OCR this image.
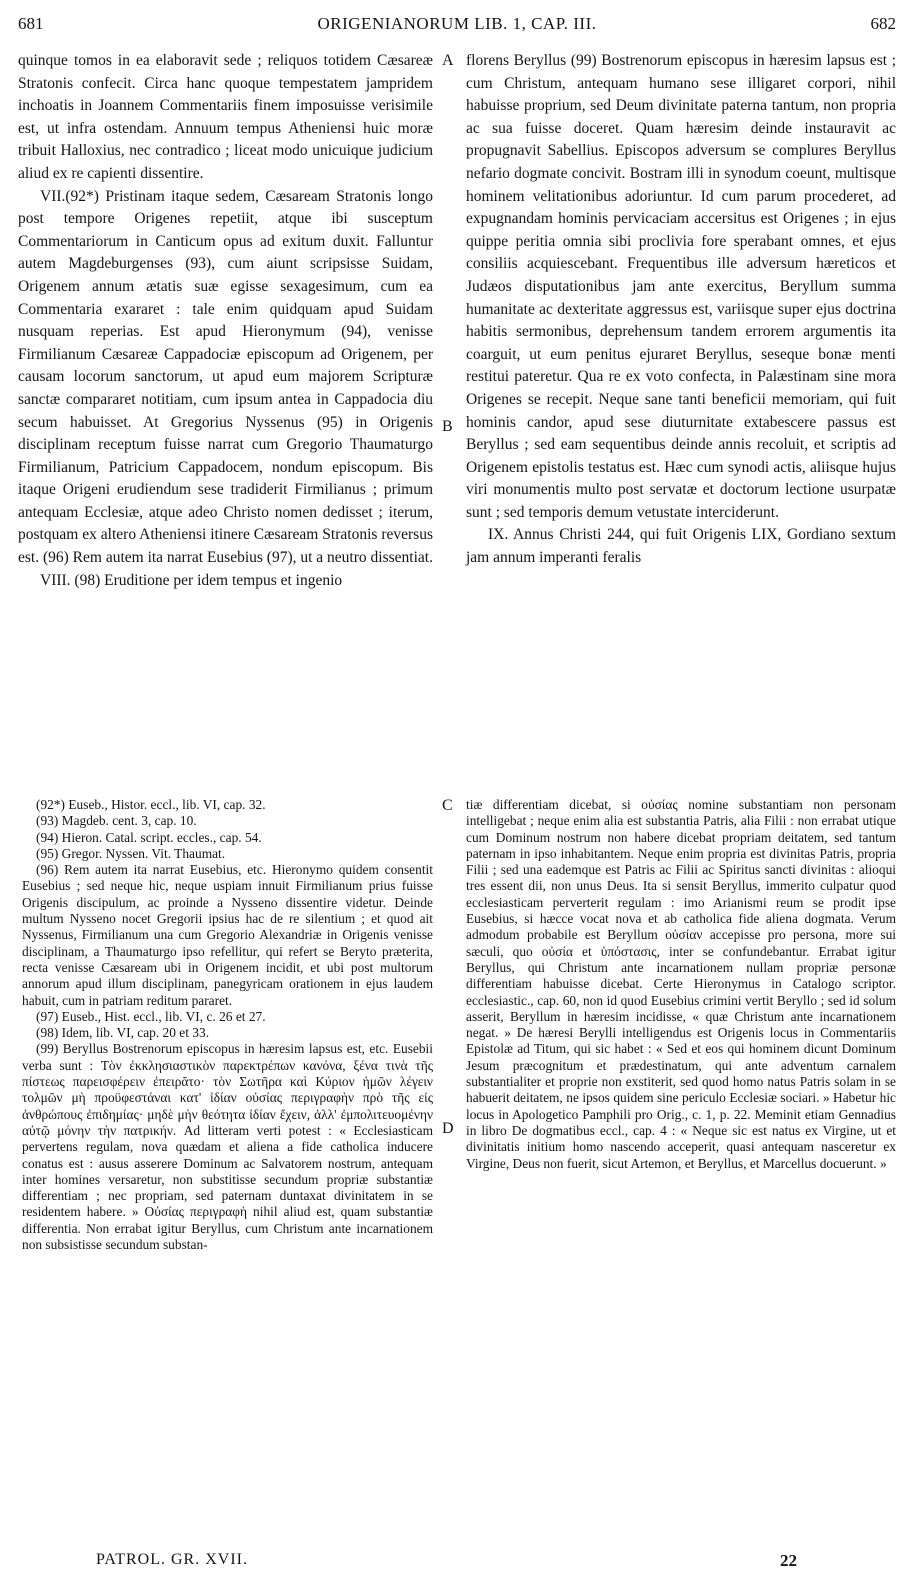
681	ORIGENIANORUM LIB. 1, CAP. III.	682

quinque tomos in ea elaboravit sede ; reliquos totidem Cæsareæ Stratonis confecit. Circa hanc quoque tempestatem jampridem inchoatis in Joannem Commentariis finem imposuisse verisimile est, ut infra ostendam. Annuum tempus Atheniensi huic moræ tribuit Halloxius, nec contradico ; liceat modo unicuique judicium aliud ex re capienti dissentire.

VII.(92*) Pristinam itaque sedem, Cæsaream Stratonis longo post tempore Origenes repetiit, atque ibi susceptum Commentariorum in Canticum opus ad exitum duxit. Falluntur autem Magdeburgenses (93), cum aiunt scripsisse Suidam, Origenem annum ætatis suæ egisse sexagesimum, cum ea Commentaria exararet : tale enim quidquam apud Suidam nusquam reperias. Est apud Hieronymum (94), venisse Firmilianum Cæsareæ Cappadociæ episcopum ad Origenem, per causam locorum sanctorum, ut apud eum majorem Scripturæ sanctæ compararet notitiam, cum ipsum antea in Cappadocia diu secum habuisset. At Gregorius Nyssenus (95) in Origenis disciplinam receptum fuisse narrat cum Gregorio Thaumaturgo Firmilianum, Patricium Cappadocem, nondum episcopum. Bis itaque Origeni erudiendum sese tradiderit Firmilianus ; primum antequam Ecclesiæ, atque adeo Christo nomen dedisset ; iterum, postquam ex altero Atheniensi itinere Cæsaream Stratonis reversus est. (96) Rem autem ita narrat Eusebius (97), ut a neutro dissentiat.

VIII. (98) Eruditione per idem tempus et ingenio

florens Beryllus (99) Bostrenorum episcopus in hæresim lapsus est ; cum Christum, antequam humano sese illigaret corpori, nihil habuisse proprium, sed Deum divinitate paterna tantum, non propria ac sua fuisse doceret. Quam hæresim deinde instauravit ac propugnavit Sabellius. Episcopos adversum se complures Beryllus nefario dogmate concivit. Bostram illi in synodum coeunt, multisque hominem velitationibus adoriuntur. Id cum parum procederet, ad expugnandam hominis pervicaciam accersitus est Origenes ; in ejus quippe peritia omnia sibi proclivia fore sperabant omnes, et ejus consiliis acquiescebant. Frequentibus ille adversum hæreticos et Judæos disputationibus jam ante exercitus, Beryllum summa humanitate ac dexteritate aggressus est, variisque super ejus doctrina habitis sermonibus, deprehensum tandem errorem argumentis ita coarguit, ut eum penitus ejuraret Beryllus, seseque bonæ menti restitui pateretur. Qua re ex voto confecta, in Palæstinam sine mora Origenes se recepit. Neque sane tanti beneficii memoriam, qui fuit hominis candor, apud sese diuturnitate extabescere passus est Beryllus ; sed eam sequentibus deinde annis recoluit, et scriptis ad Origenem epistolis testatus est. Hæc cum synodi actis, aliisque hujus viri monumentis multo post servatæ et doctorum lectione usurpatæ sunt ; sed temporis demum vetustate interciderunt.

IX. Annus Christi 244, qui fuit Origenis LIX, Gordiano sextum jam annum imperanti feralis

A
B
C
D

(92*) Euseb., Histor. eccl., lib. VI, cap. 32.

(93) Magdeb. cent. 3, cap. 10.

(94) Hieron. Catal. script. eccles., cap. 54.

(95) Gregor. Nyssen. Vit. Thaumat.

(96) Rem autem ita narrat Eusebius, etc. Hieronymo quidem consentit Eusebius ; sed neque hic, neque uspiam innuit Firmilianum prius fuisse Origenis discipulum, ac proinde a Nysseno dissentire videtur. Deinde multum Nysseno nocet Gregorii ipsius hac de re silentium ; et quod ait Nyssenus, Firmilianum una cum Gregorio Alexandriæ in Origenis venisse disciplinam, a Thaumaturgo ipso refellitur, qui refert se Beryto præterita, recta venisse Cæsaream ubi in Origenem incidit, et ubi post multorum annorum apud illum disciplinam, panegyricam orationem in ejus laudem habuit, cum in patriam reditum pararet.

(97) Euseb., Hist. eccl., lib. VI, c. 26 et 27.

(98) Idem, lib. VI, cap. 20 et 33.

(99) Beryllus Bostrenorum episcopus in hæresim lapsus est, etc. Eusebii verba sunt : Τὸν ἐκκλησιαστικὸν παρεκτρέπων κανόνα, ξένα τινὰ τῆς πίστεως παρεισφέρειν ἐπειρᾶτο· τὸν Σωτῆρα καὶ Κύριον ἡμῶν λέγειν τολμῶν μὴ προϋφεστάναι κατ' ἰδίαν οὐσίας περιγραφὴν πρὸ τῆς εἰς ἀνθρώπους ἐπιδημίας· μηδὲ μὴν θεότητα ἰδίαν ἔχειν, ἀλλ' ἐμπολιτευομένην αὐτῷ μόνην τὴν πατρικήν. Ad litteram verti potest : « Ecclesiasticam pervertens regulam, nova quædam et aliena a fide catholica inducere conatus est : ausus asserere Dominum ac Salvatorem nostrum, antequam inter homines versaretur, non substitisse secundum propriæ substantiæ differentiam ; nec propriam, sed paternam duntaxat divinitatem in se residentem habere. » Οὐσίας περιγραφὴ nihil aliud est, quam substantiæ differentia. Non errabat igitur Beryllus, cum Christum ante incarnationem non subsistisse secundum substan-

tiæ differentiam dicebat, si οὐσίας nomine substantiam non personam intelligebat ; neque enim alia est substantia Patris, alia Filii : non errabat utique cum Dominum nostrum non habere dicebat propriam deitatem, sed tantum paternam in ipso inhabitantem. Neque enim propria est divinitas Patris, propria Filii ; sed una eademque est Patris ac Filii ac Spiritus sancti divinitas : alioqui tres essent dii, non unus Deus. Ita si sensit Beryllus, immerito culpatur quod ecclesiasticam perverterit regulam : imo Arianismi reum se prodit ipse Eusebius, si hæcce vocat nova et ab catholica fide aliena dogmata. Verum admodum probabile est Beryllum οὐσίαν accepisse pro persona, more sui sæculi, quo οὐσία et ὑπόστασις, inter se confundebantur. Errabat igitur Beryllus, qui Christum ante incarnationem nullam propriæ personæ differentiam habuisse dicebat. Certe Hieronymus in Catalogo scriptor. ecclesiastic., cap. 60, non id quod Eusebius crimini vertit Beryllo ; sed id solum asserit, Beryllum in hæresim incidisse, « quæ Christum ante incarnationem negat. » De hæresi Berylli intelligendus est Origenis locus in Commentariis Epistolæ ad Titum, qui sic habet : « Sed et eos qui hominem dicunt Dominum Jesum præcognitum et prædestinatum, qui ante adventum carnalem substantialiter et proprie non exstiterit, sed quod homo natus Patris solam in se habuerit deitatem, ne ipsos quidem sine periculo Ecclesiæ sociari. » Habetur hic locus in Apologetico Pamphili pro Orig., c. 1, p. 22. Meminit etiam Gennadius in libro De dogmatibus eccl., cap. 4 : « Neque sic est natus ex Virgine, ut et divinitatis initium homo nascendo acceperit, quasi antequam nasceretur ex Virgine, Deus non fuerit, sicut Artemon, et Beryllus, et Marcellus docuerunt. »

PATROL. GR. XVII.	22
